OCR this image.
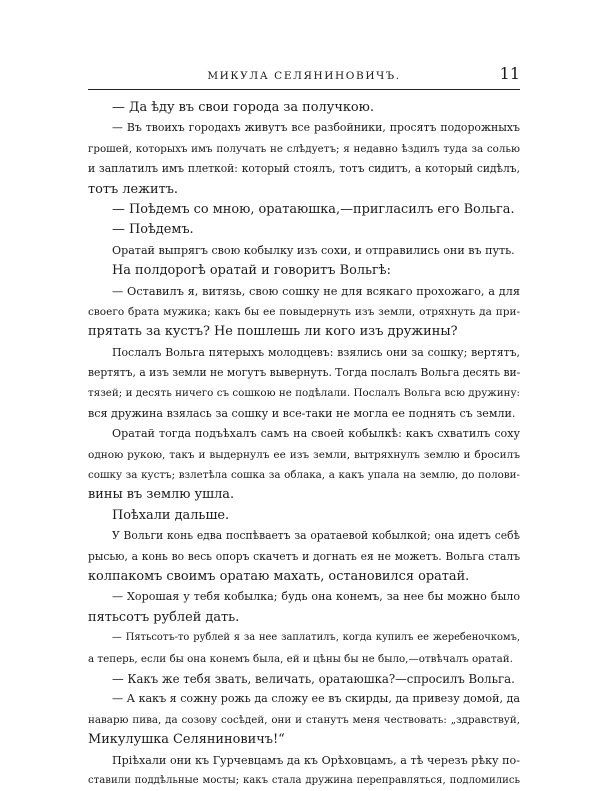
МИКУЛА СЕЛЯНИНОВИЧЪ.	11
— Да ѣду въ свои города за получкою.
— Въ твоихъ городахъ живутъ все разбойники, просятъ подорожныхъ
грошей, которыхъ имъ получать не слѣдуетъ; я недавно ѣздилъ туда за солью
и заплатилъ имъ плеткой: который стоялъ, тотъ сидитъ, а который сидѣлъ,
тотъ лежитъ.
— Поѣдемъ со мною, оратаюшка,—пригласилъ его Вольга.
— Поѣдемъ.
Оратай выпрягъ свою кобылку изъ сохи, и отправились они въ путь.
На полдорогѣ оратай и говоритъ Вольгѣ:
— Оставилъ я, витязь, свою сошку не для всякаго прохожаго, а для
своего брата мужика; какъ бы ее повыдернуть изъ земли, отряхнуть да при-
прятать за кустъ? Не пошлешь ли кого изъ дружины?
Послалъ Вольга пятерыхъ молодцевъ: взялись они за сошку; вертятъ,
вертятъ, а изъ земли не могутъ вывернуть. Тогда послалъ Вольга десять ви-
тязей; и десять ничего съ сошкою не подѣлали. Послалъ Вольга всю дружину:
вся дружина взялась за сошку и все-таки не могла ее поднять съ земли.
Оратай тогда подъѣхалъ самъ на своей кобылкѣ: какъ схватилъ соху
одною рукою, такъ и выдернулъ ее изъ земли, вытряхнулъ землю и бросилъ
сошку за кустъ; взлетѣла сошка за облака, а какъ упала на землю, до полови-
вины въ землю ушла.
Поѣхали дальше.
У Вольги конь едва поспѣваетъ за оратаевой кобылкой; она идетъ себѣ
рысью, а конь во весь опоръ скачетъ и догнать ея не можетъ. Вольга сталъ
колпакомъ своимъ оратаю махать, остановился оратай.
— Хорошая у тебя кобылка; будь она конемъ, за нее бы можно было
пятьсотъ рублей дать.
— Пятьсотъ-то рублей я за нее заплатилъ, когда купилъ ее жеребеночкомъ,
а теперь, если бы она конемъ была, ей и цѣны бы не было,—отвѣчалъ оратай.
— Какъ же тебя звать, величать, оратаюшка?—спросилъ Вольга.
— А какъ я сожну рожь да сложу ее въ скирды, да привезу домой, да
наварю пива, да созову сосѣдей, они и станутъ меня чествовать: „здравствуй,
Микулушка Селяниновичъ!“
Пріѣхали они къ Гурчевцамъ да къ Орѣховцамъ, а тѣ черезъ рѣку по-
ставили поддѣльные мосты; какъ стала дружина переправляться, подломились
